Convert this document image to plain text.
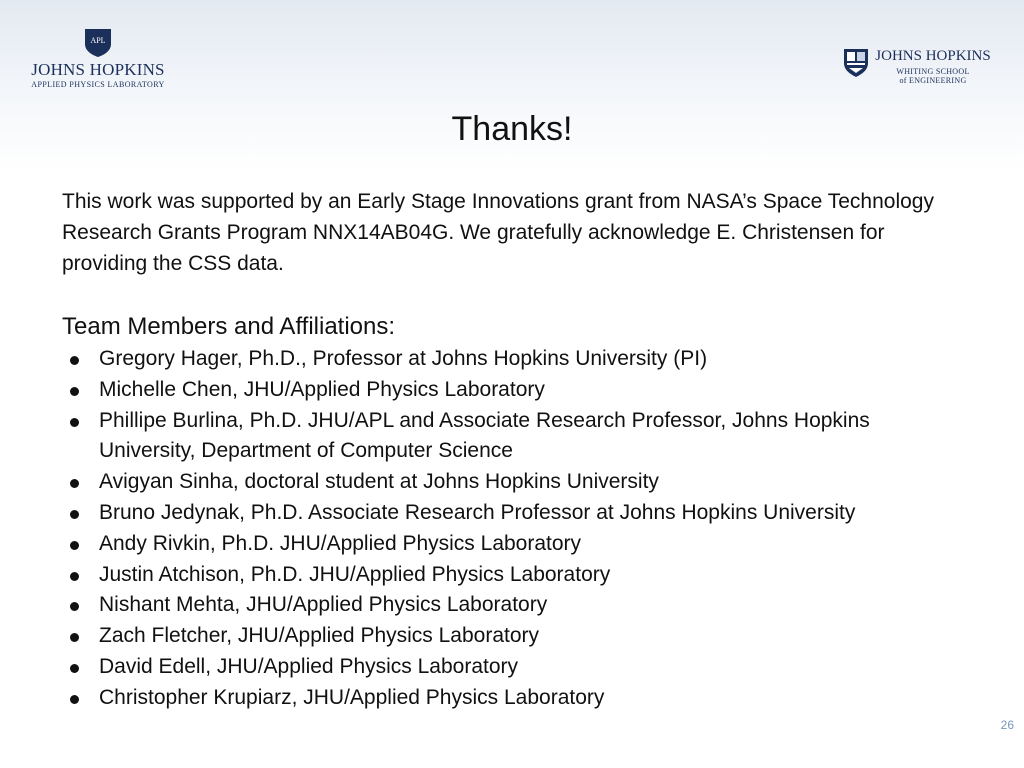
APL
JOHNS HOPKINS
APPLIED PHYSICS LABORATORY
JOHNS HOPKINS
WHITING SCHOOL
of ENGINEERING
Thanks!
This work was supported by an Early Stage Innovations grant from NASA’s Space Technology Research Grants Program NNX14AB04G. We gratefully acknowledge E. Christensen for providing the CSS data.
Team Members and Affiliations:
Gregory Hager, Ph.D., Professor at Johns Hopkins University (PI)
Michelle Chen, JHU/Applied Physics Laboratory
Phillipe Burlina, Ph.D. JHU/APL and Associate Research Professor, Johns Hopkins University, Department of Computer Science
Avigyan Sinha, doctoral student at Johns Hopkins University
Bruno Jedynak, Ph.D. Associate Research Professor at Johns Hopkins University
Andy Rivkin, Ph.D. JHU/Applied Physics Laboratory
Justin Atchison, Ph.D. JHU/Applied Physics Laboratory
Nishant Mehta, JHU/Applied Physics Laboratory
Zach Fletcher, JHU/Applied Physics Laboratory
David Edell, JHU/Applied Physics Laboratory
Christopher Krupiarz, JHU/Applied Physics Laboratory
26
